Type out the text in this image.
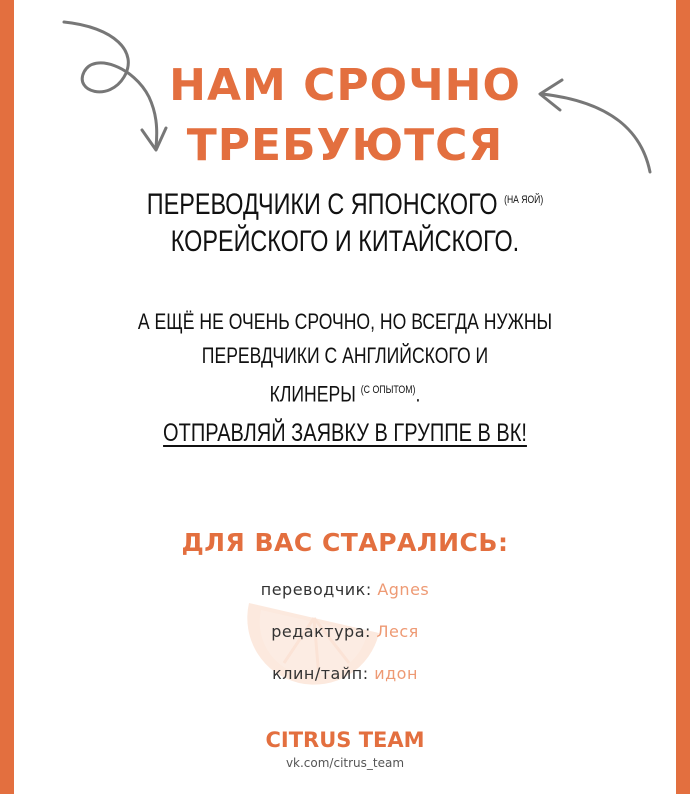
НАМ СРОЧНО
ТРЕБУЮТСЯ
ПЕРЕВОДЧИКИ С ЯПОНСКОГО $^{(НА ЯОЙ)}$
КОРЕЙСКОГО И КИТАЙСКОГО.
А ЕЩЁ НЕ ОЧЕНЬ СРОЧНО, НО ВСЕГДА НУЖНЫ
ПЕРЕВДЧИКИ С АНГЛИЙСКОГО И
КЛИНЕРЫ $^{(С ОПЫТОМ)}$.
ОТПРАВЛЯЙ ЗАЯВКУ В ГРУППЕ В ВК!
ДЛЯ ВАС СТАРАЛИСЬ:
переводчик: Agnes
редактура: Леся
клин/тайп: идон
CITRUS TEAM
vk.com/citrus_team
